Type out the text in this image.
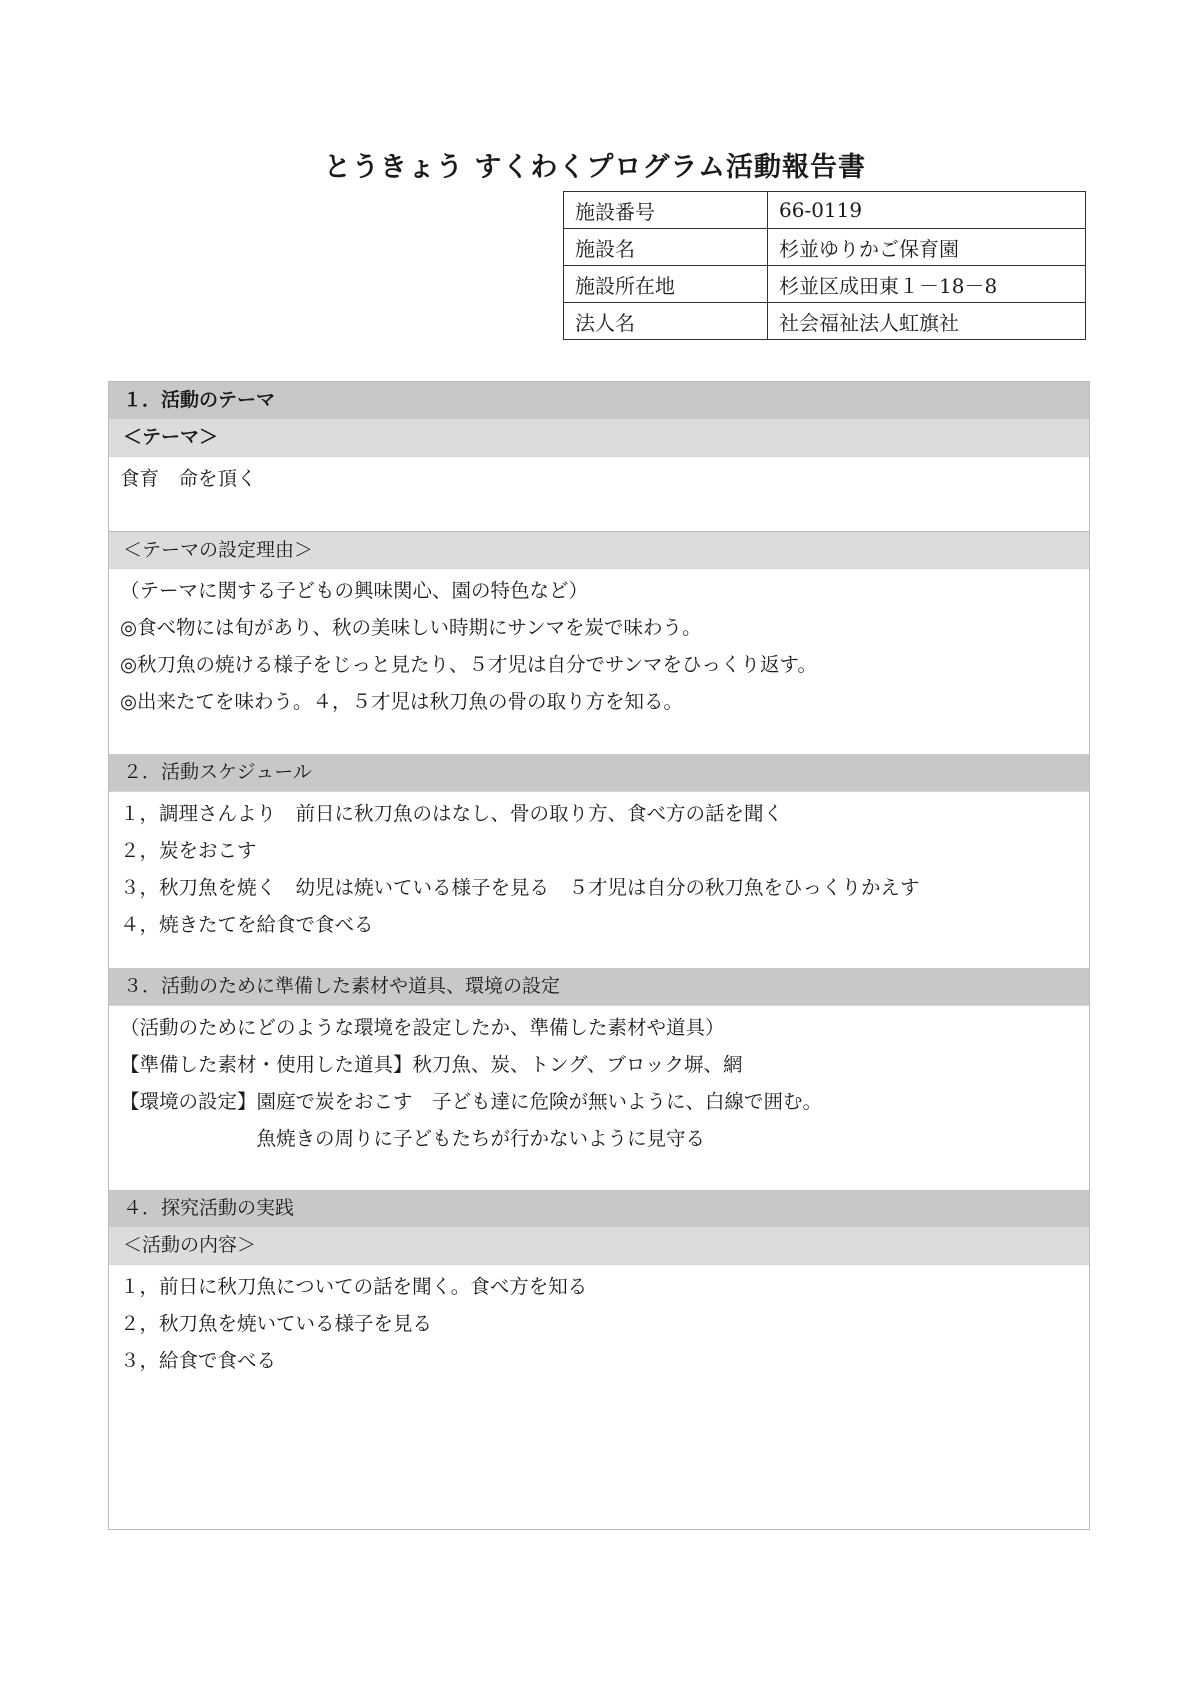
とうきょう すくわくプログラム活動報告書
施設番号	66-0119
施設名	杉並ゆりかご保育園
施設所在地	杉並区成田東１－18－8
法人名	社会福祉法人虹旗社
１．活動のテーマ
＜テーマ＞
食育　命を頂く
＜テーマの設定理由＞
（テーマに関する子どもの興味関心、園の特色など）
◎食べ物には旬があり、秋の美味しい時期にサンマを炭で味わう。
◎秋刀魚の焼ける様子をじっと見たり、５才児は自分でサンマをひっくり返す。
◎出来たてを味わう。４，５才児は秋刀魚の骨の取り方を知る。
２．活動スケジュール
１，調理さんより　前日に秋刀魚のはなし、骨の取り方、食べ方の話を聞く
２，炭をおこす
３，秋刀魚を焼く　幼児は焼いている様子を見る　５才児は自分の秋刀魚をひっくりかえす
４，焼きたてを給食で食べる
３．活動のために準備した素材や道具、環境の設定
（活動のためにどのような環境を設定したか、準備した素材や道具）
【準備した素材・使用した道具】秋刀魚、炭、トング、ブロック塀、網
【環境の設定】園庭で炭をおこす　子ども達に危険が無いように、白線で囲む。
　　　　　　　魚焼きの周りに子どもたちが行かないように見守る
４．探究活動の実践
＜活動の内容＞
１，前日に秋刀魚についての話を聞く。食べ方を知る
２，秋刀魚を焼いている様子を見る
３，給食で食べる
